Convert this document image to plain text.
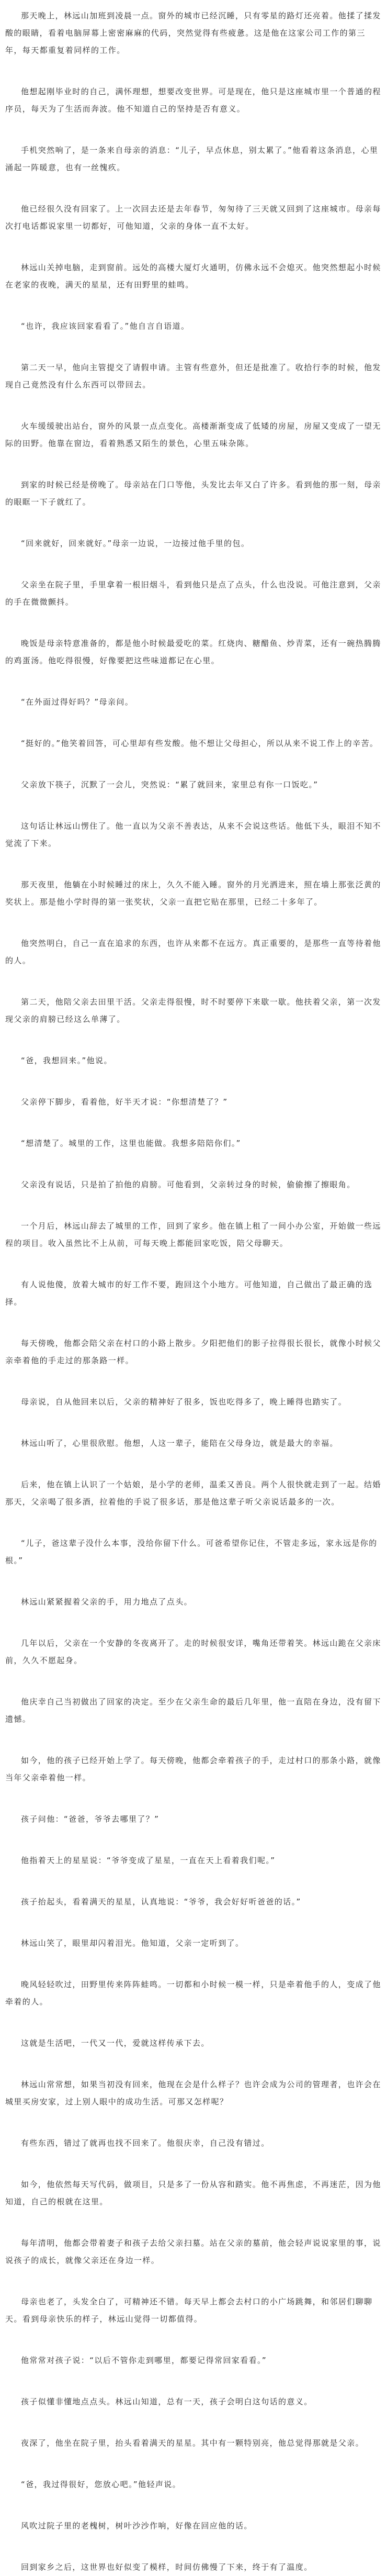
那天晚上，林远山加班到凌晨一点。窗外的城市已经沉睡，只有零星的路灯还亮着。他揉了揉发酸的眼睛，看着电脑屏幕上密密麻麻的代码，突然觉得有些疲惫。这是他在这家公司工作的第三年，每天都重复着同样的工作。

他想起刚毕业时的自己，满怀理想，想要改变世界。可是现在，他只是这座城市里一个普通的程序员，每天为了生活而奔波。他不知道自己的坚持是否有意义。

手机突然响了，是一条来自母亲的消息：“儿子，早点休息，别太累了。”他看着这条消息，心里涌起一阵暖意，也有一丝愧疚。

他已经很久没有回家了。上一次回去还是去年春节，匆匆待了三天就又回到了这座城市。母亲每次打电话都说家里一切都好，可他知道，父亲的身体一直不太好。

林远山关掉电脑，走到窗前。远处的高楼大厦灯火通明，仿佛永远不会熄灭。他突然想起小时候在老家的夜晚，满天的星星，还有田野里的蛙鸣。

“也许，我应该回家看看了。”他自言自语道。

第二天一早，他向主管提交了请假申请。主管有些意外，但还是批准了。收拾行李的时候，他发现自己竟然没有什么东西可以带回去。

火车缓缓驶出站台，窗外的风景一点点变化。高楼渐渐变成了低矮的房屋，房屋又变成了一望无际的田野。他靠在窗边，看着熟悉又陌生的景色，心里五味杂陈。

到家的时候已经是傍晚了。母亲站在门口等他，头发比去年又白了许多。看到他的那一刻，母亲的眼眶一下子就红了。

“回来就好，回来就好。”母亲一边说，一边接过他手里的包。

父亲坐在院子里，手里拿着一根旧烟斗，看到他只是点了点头，什么也没说。可他注意到，父亲的手在微微颤抖。

晚饭是母亲特意准备的，都是他小时候最爱吃的菜。红烧肉、糖醋鱼、炒青菜，还有一碗热腾腾的鸡蛋汤。他吃得很慢，好像要把这些味道都记在心里。

“在外面过得好吗？”母亲问。

“挺好的。”他笑着回答，可心里却有些发酸。他不想让父母担心，所以从来不说工作上的辛苦。

父亲放下筷子，沉默了一会儿，突然说：“累了就回来，家里总有你一口饭吃。”

这句话让林远山愣住了。他一直以为父亲不善表达，从来不会说这些话。他低下头，眼泪不知不觉流了下来。

那天夜里，他躺在小时候睡过的床上，久久不能入睡。窗外的月光洒进来，照在墙上那张泛黄的奖状上。那是他小学时得的第一张奖状，父亲一直把它贴在那里，已经二十多年了。

他突然明白，自己一直在追求的东西，也许从来都不在远方。真正重要的，是那些一直等待着他的人。

第二天，他陪父亲去田里干活。父亲走得很慢，时不时要停下来歇一歇。他扶着父亲，第一次发现父亲的肩膀已经这么单薄了。

“爸，我想回来。”他说。

父亲停下脚步，看着他，好半天才说：“你想清楚了？”

“想清楚了。城里的工作，这里也能做。我想多陪陪你们。”

父亲没有说话，只是拍了拍他的肩膀。可他看到，父亲转过身的时候，偷偷擦了擦眼角。

一个月后，林远山辞去了城里的工作，回到了家乡。他在镇上租了一间小办公室，开始做一些远程的项目。收入虽然比不上从前，可每天晚上都能回家吃饭，陪父母聊天。

有人说他傻，放着大城市的好工作不要，跑回这个小地方。可他知道，自己做出了最正确的选择。

每天傍晚，他都会陪父亲在村口的小路上散步。夕阳把他们的影子拉得很长很长，就像小时候父亲牵着他的手走过的那条路一样。

母亲说，自从他回来以后，父亲的精神好了很多，饭也吃得多了，晚上睡得也踏实了。

林远山听了，心里很欣慰。他想，人这一辈子，能陪在父母身边，就是最大的幸福。

后来，他在镇上认识了一个姑娘，是小学的老师，温柔又善良。两个人很快就走到了一起。结婚那天，父亲喝了很多酒，拉着他的手说了很多话，那是他这辈子听父亲说话最多的一次。

“儿子，爸这辈子没什么本事，没给你留下什么。可爸希望你记住，不管走多远，家永远是你的根。”

林远山紧紧握着父亲的手，用力地点了点头。

几年以后，父亲在一个安静的冬夜离开了。走的时候很安详，嘴角还带着笑。林远山跪在父亲床前，久久不愿起身。

他庆幸自己当初做出了回家的决定。至少在父亲生命的最后几年里，他一直陪在身边，没有留下遗憾。

如今，他的孩子已经开始上学了。每天傍晚，他都会牵着孩子的手，走过村口的那条小路，就像当年父亲牵着他一样。

孩子问他：“爸爸，爷爷去哪里了？”

他指着天上的星星说：“爷爷变成了星星，一直在天上看着我们呢。”

孩子抬起头，看着满天的星星，认真地说：“爷爷，我会好好听爸爸的话。”

林远山笑了，眼里却闪着泪光。他知道，父亲一定听到了。

晚风轻轻吹过，田野里传来阵阵蛙鸣。一切都和小时候一模一样，只是牵着他手的人，变成了他牵着的人。

这就是生活吧，一代又一代，爱就这样传承下去。

林远山常常想，如果当初没有回来，他现在会是什么样子？也许会成为公司的管理者，也许会在城里买房安家，过上别人眼中的成功生活。可那又怎样呢？

有些东西，错过了就再也找不回来了。他很庆幸，自己没有错过。

如今，他依然每天写代码，做项目，只是多了一份从容和踏实。他不再焦虑，不再迷茫，因为他知道，自己的根就在这里。

每年清明，他都会带着妻子和孩子去给父亲扫墓。站在父亲的墓前，他会轻声说说家里的事，说说孩子的成长，就像父亲还在身边一样。

母亲也老了，头发全白了，可精神还不错。每天早上都会去村口的小广场跳舞，和邻居们聊聊天。看到母亲快乐的样子，林远山觉得一切都值得。

他常常对孩子说：“以后不管你走到哪里，都要记得常回家看看。”

孩子似懂非懂地点点头。林远山知道，总有一天，孩子会明白这句话的意义。

夜深了，他坐在院子里，抬头看着满天的星星。其中有一颗特别亮，他总觉得那就是父亲。

“爸，我过得很好，您放心吧。”他轻声说。

风吹过院子里的老槐树，树叶沙沙作响，好像在回应他的话。

回到家乡之后，这世界也好似变了模样，时间仿佛慢了下来，终于有了温度。
